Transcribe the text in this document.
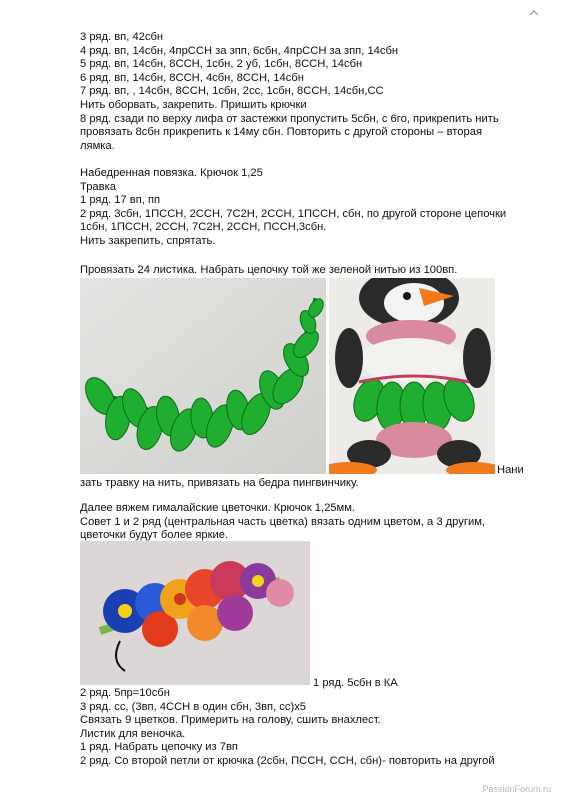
3 ряд. вп, 42сбн
4 ряд. вп, 14сбн, 4прССН за зпп, 6сбн, 4прССН за зпп, 14сбн
5 ряд. вп, 14сбн, 8ССН, 1сбн, 2 уб, 1сбн, 8ССН, 14сбн
6 ряд. вп, 14сбн, 8ССН, 4сбн, 8ССН, 14сбн
7 ряд. вп, , 14сбн, 8ССН, 1сбн, 2сс, 1сбн, 8ССН, 14сбн,СС
Нить оборвать, закрепить. Пришить крючки
8 ряд. сзади по верху лифа от застежки пропустить 5сбн, с 6го, прикрепить нить
провязать 8сбн прикрепить к 14му сбн. Повторить с другой стороны – вторая
лямка.
Набедренная повязка. Крючок 1,25
Травка
1 ряд. 17 вп, пп
2 ряд. 3сбн, 1ПССН, 2ССН, 7С2Н, 2ССН, 1ПССН, сбн, по другой стороне цепочки
1сбн, 1ПССН, 2ССН, 7С2Н, 2ССН, ПССН,3сбн.
Нить закрепить, спрятать.
Провязать 24 листика. Набрать цепочку той же зеленой нитью из 100вп.
Нани
зать травку на нить, привязать на бедра пингвинчику.
Далее вяжем гималайские цветочки. Крючок 1,25мм.
Совет 1 и 2 ряд (центральная часть цветка) вязать одним цветом, а 3 другим,
цветочки будут более яркие.
1 ряд. 5сбн в КА
2 ряд. 5пр=10сбн
3 ряд. сс, (3вп, 4ССН в один сбн, 3вп, сс)х5
Связать 9 цветков. Примерить на голову, сшить внахлест.
Листик для веночка.
1 ряд. Набрать цепочку из 7вп
2 ряд. Со второй петли от крючка (2сбн, ПССН, ССН, сбн)- повторить на другой
PassionForum.ru
